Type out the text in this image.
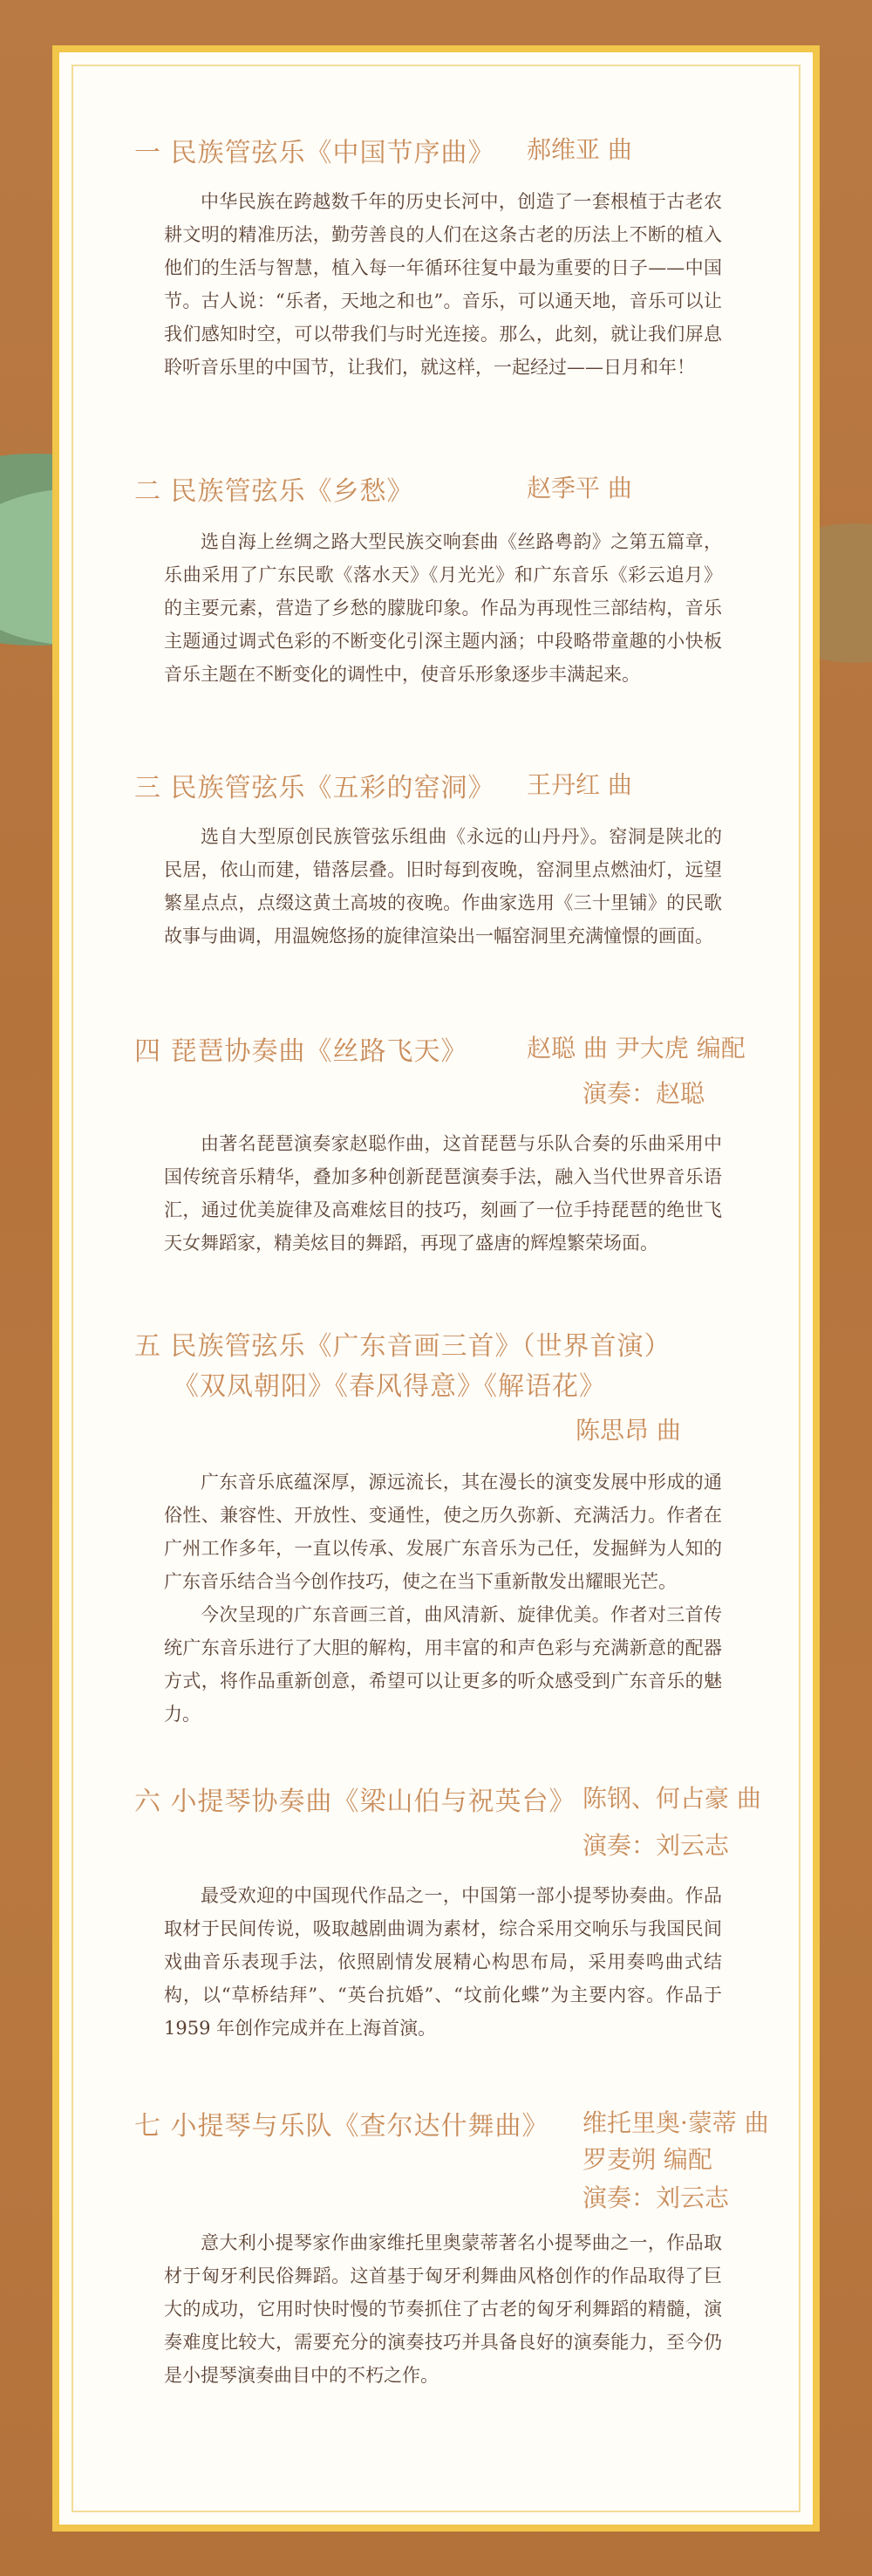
一 民族管弦乐《中国节序曲》 郝维亚 曲

中华民族在跨越数千年的历史长河中，创造了一套根植于古老农耕文明的精准历法，勤劳善良的人们在这条古老的历法上不断的植入他们的生活与智慧，植入每一年循环往复中最为重要的日子——中国节。古人说：“乐者，天地之和也”。音乐，可以通天地，音乐可以让我们感知时空，可以带我们与时光连接。那么，此刻，就让我们屏息聆听音乐里的中国节，让我们，就这样，一起经过——日月和年！

二 民族管弦乐《乡愁》	赵季平 曲

选自海上丝绸之路大型民族交响套曲《丝路粤韵》之第五篇章，乐曲采用了广东民歌《落水天》《月光光》和广东音乐《彩云追月》的主要元素，营造了乡愁的朦胧印象。作品为再现性三部结构，音乐主题通过调式色彩的不断变化引深主题内涵；中段略带童趣的小快板音乐主题在不断变化的调性中，使音乐形象逐步丰满起来。

三 民族管弦乐《五彩的窑洞》 王丹红 曲

选自大型原创民族管弦乐组曲《永远的山丹丹》。窑洞是陕北的民居，依山而建，错落层叠。旧时每到夜晚，窑洞里点燃油灯，远望繁星点点，点缀这黄土高坡的夜晚。作曲家选用《三十里铺》的民歌故事与曲调，用温婉悠扬的旋律渲染出一幅窑洞里充满憧憬的画面。

四 琵琶协奏曲《丝路飞天》 赵聪 曲 尹大虎 编配
演奏：赵聪

由著名琵琶演奏家赵聪作曲，这首琵琶与乐队合奏的乐曲采用中国传统音乐精华，叠加多种创新琵琶演奏手法，融入当代世界音乐语汇，通过优美旋律及高难炫目的技巧，刻画了一位手持琵琶的绝世飞天女舞蹈家，精美炫目的舞蹈，再现了盛唐的辉煌繁荣场面。

五 民族管弦乐《广东音画三首》（世界首演）
《双凤朝阳》《春风得意》《解语花》
陈思昂 曲

广东音乐底蕴深厚，源远流长，其在漫长的演变发展中形成的通俗性、兼容性、开放性、变通性，使之历久弥新、充满活力。作者在广州工作多年，一直以传承、发展广东音乐为己任，发掘鲜为人知的广东音乐结合当今创作技巧，使之在当下重新散发出耀眼光芒。

今次呈现的广东音画三首，曲风清新、旋律优美。作者对三首传统广东音乐进行了大胆的解构，用丰富的和声色彩与充满新意的配器方式，将作品重新创意，希望可以让更多的听众感受到广东音乐的魅力。

六 小提琴协奏曲《梁山伯与祝英台》 陈钢、何占豪 曲
演奏：刘云志

最受欢迎的中国现代作品之一，中国第一部小提琴协奏曲。作品取材于民间传说，吸取越剧曲调为素材，综合采用交响乐与我国民间戏曲音乐表现手法，依照剧情发展精心构思布局，采用奏鸣曲式结构，以“草桥结拜”、“英台抗婚”、“坟前化蝶”为主要内容。作品于 1959 年创作完成并在上海首演。

七 小提琴与乐队《查尔达什舞曲》 维托里奥·蒙蒂 曲
罗麦朔 编配
演奏：刘云志

意大利小提琴家作曲家维托里奥蒙蒂著名小提琴曲之一，作品取材于匈牙利民俗舞蹈。这首基于匈牙利舞曲风格创作的作品取得了巨大的成功，它用时快时慢的节奏抓住了古老的匈牙利舞蹈的精髓，演奏难度比较大，需要充分的演奏技巧并具备良好的演奏能力，至今仍是小提琴演奏曲目中的不朽之作。
